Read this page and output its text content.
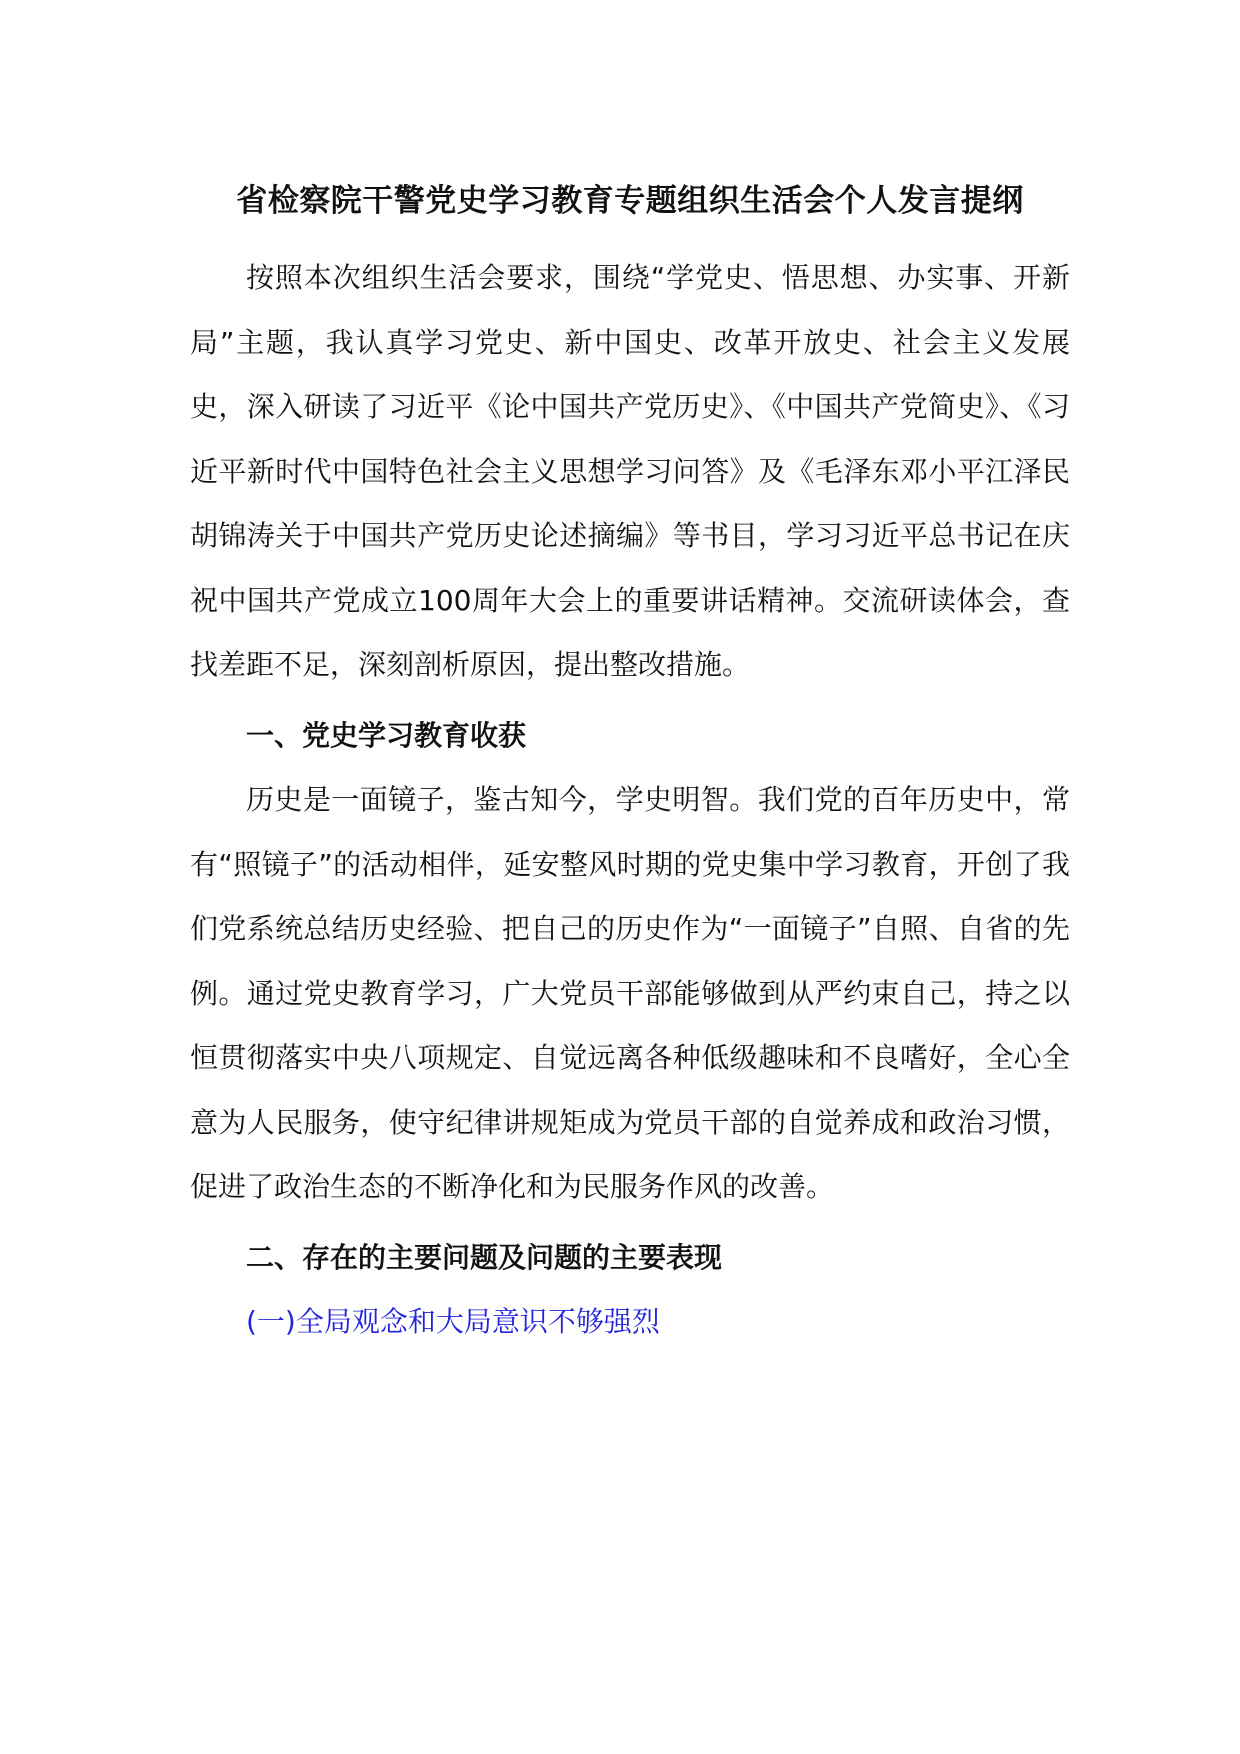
省检察院干警党史学习教育专题组织生活会个人发言提纲

按照本次组织生活会要求，围绕“学党史、悟思想、办实事、开新局”主题，我认真学习党史、新中国史、改革开放史、社会主义发展史，深入研读了习近平《论中国共产党历史》、《中国共产党简史》、《习近平新时代中国特色社会主义思想学习问答》及《毛泽东邓小平江泽民胡锦涛关于中国共产党历史论述摘编》等书目，学习习近平总书记在庆祝中国共产党成立100周年大会上的重要讲话精神。交流研读体会，查找差距不足，深刻剖析原因，提出整改措施。

一、党史学习教育收获

历史是一面镜子，鉴古知今，学史明智。我们党的百年历史中，常有“照镜子”的活动相伴，延安整风时期的党史集中学习教育，开创了我们党系统总结历史经验、把自己的历史作为“一面镜子”自照、自省的先例。通过党史教育学习，广大党员干部能够做到从严约束自己，持之以恒贯彻落实中央八项规定、自觉远离各种低级趣味和不良嗜好，全心全意为人民服务，使守纪律讲规矩成为党员干部的自觉养成和政治习惯，促进了政治生态的不断净化和为民服务作风的改善。

二、存在的主要问题及问题的主要表现

(一)全局观念和大局意识不够强烈
